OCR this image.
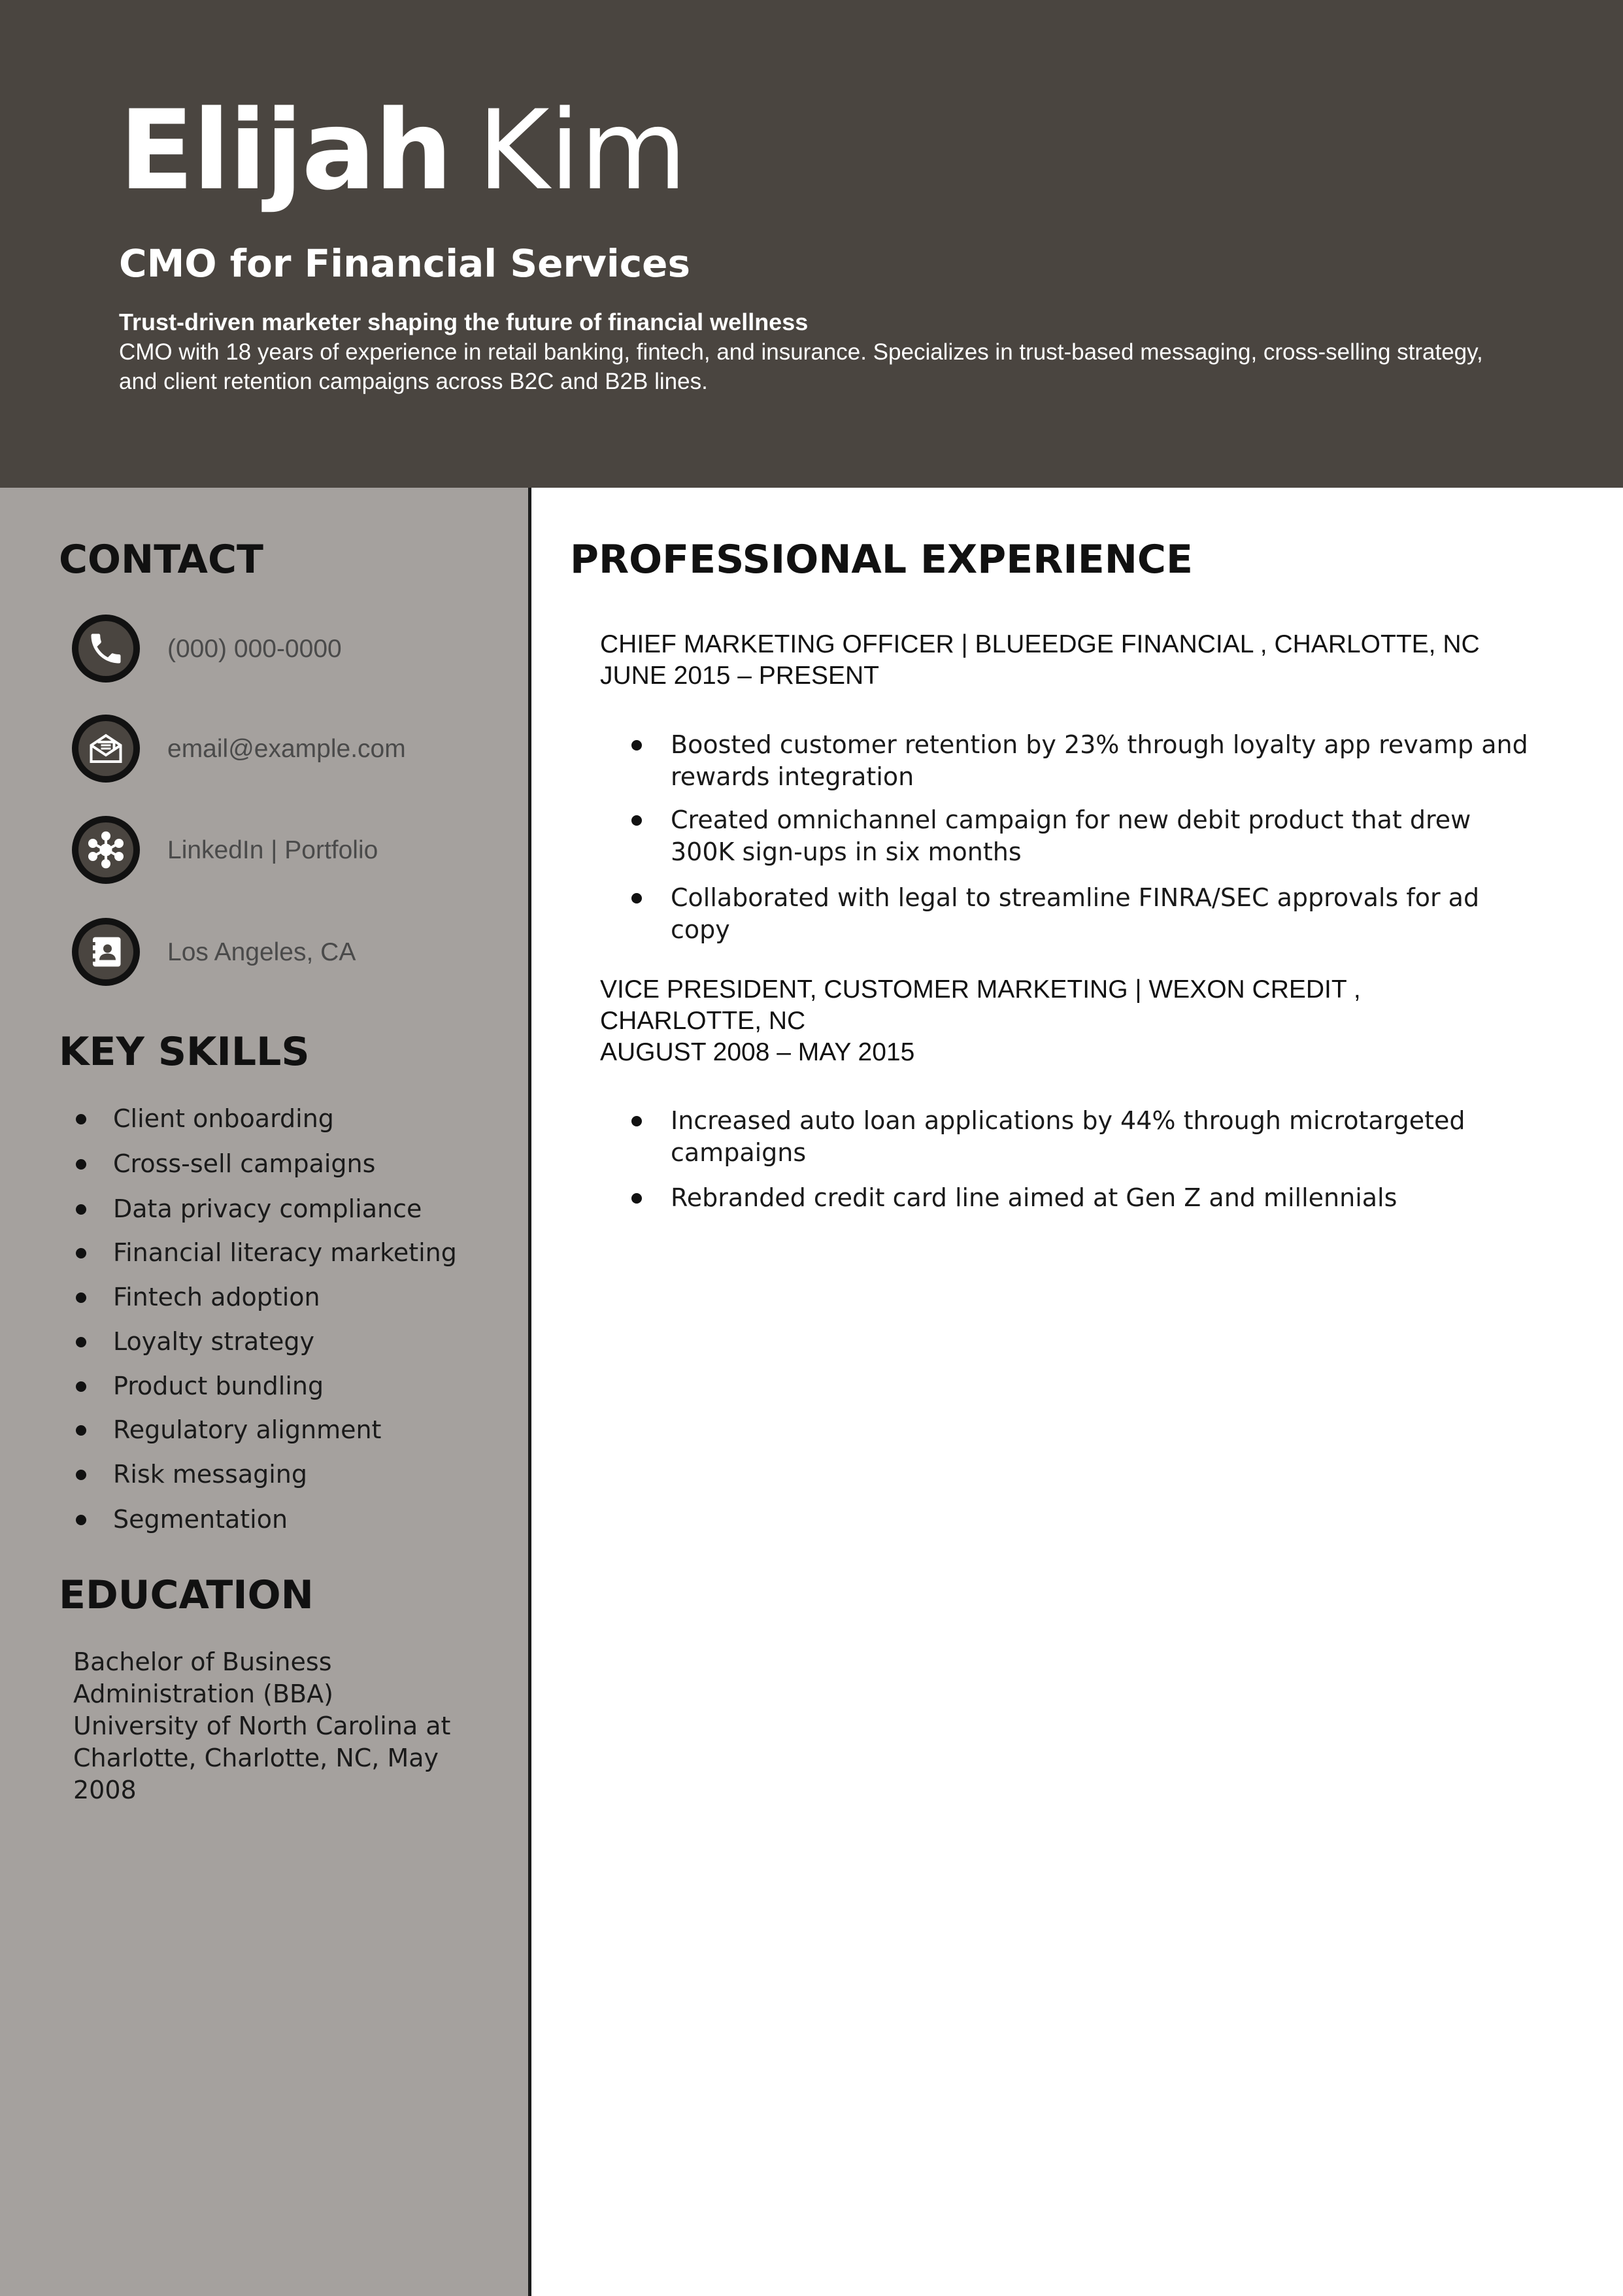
Elijah Kim
CMO for Financial Services
Trust-driven marketer shaping the future of financial wellness
CMO with 18 years of experience in retail banking, fintech, and insurance. Specializes in trust-based messaging, cross-selling strategy, and client retention campaigns across B2C and B2B lines.
CONTACT
(000) 000-0000
email@example.com
LinkedIn | Portfolio
Los Angeles, CA
KEY SKILLS
Client onboarding
Cross-sell campaigns
Data privacy compliance
Financial literacy marketing
Fintech adoption
Loyalty strategy
Product bundling
Regulatory alignment
Risk messaging
Segmentation
EDUCATION
Bachelor of Business Administration (BBA)
University of North Carolina at Charlotte, Charlotte, NC, May 2008
PROFESSIONAL EXPERIENCE
CHIEF MARKETING OFFICER | BLUEEDGE FINANCIAL , CHARLOTTE, NC
JUNE 2015 – PRESENT
Boosted customer retention by 23% through loyalty app revamp and rewards integration
Created omnichannel campaign for new debit product that drew 300K sign-ups in six months
Collaborated with legal to streamline FINRA/SEC approvals for ad copy
VICE PRESIDENT, CUSTOMER MARKETING | WEXON CREDIT , CHARLOTTE, NC
AUGUST 2008 – MAY 2015
Increased auto loan applications by 44% through microtargeted campaigns
Rebranded credit card line aimed at Gen Z and millennials
